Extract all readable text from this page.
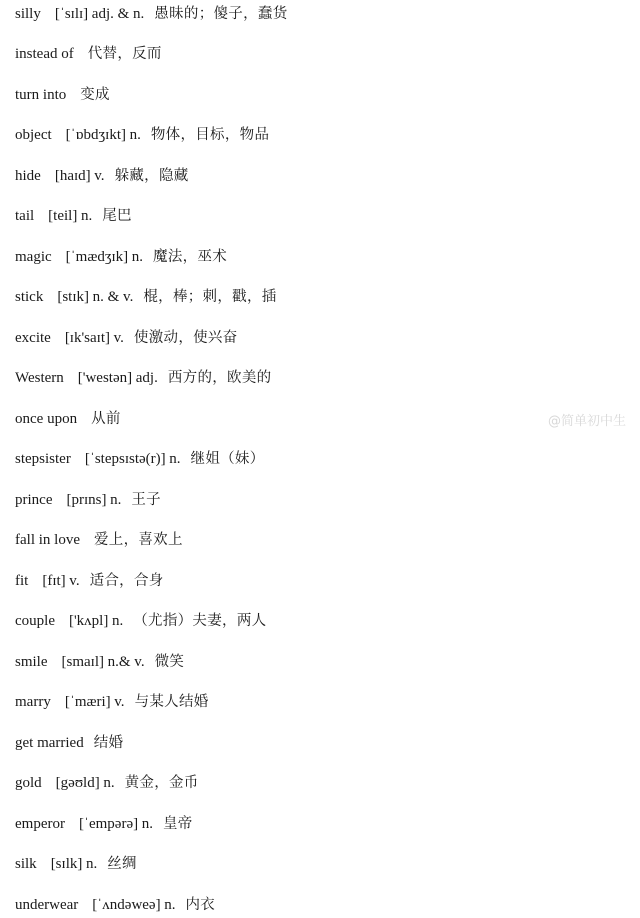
silly [ˈsɪlɪ] adj. & n. 愚昧的；傻子，蠢货
instead of 代替，反而
turn into 变成
object [ˈɒbdʒɪkt] n. 物体，目标，物品
hide [haɪd] v. 躲藏，隐藏
tail [teil] n. 尾巴
magic [ˈmædʒɪk] n. 魔法，巫术
stick [stɪk] n. & v. 棍，棒；刺，戳，插
excite [ɪk'saɪt] v. 使激动，使兴奋
Western ['westən] adj. 西方的，欧美的
once upon 从前
stepsister [ˈstepsɪstə(r)] n. 继姐（妹）
prince [prɪns] n. 王子
fall in love 爱上，喜欢上
fit [fɪt] v. 适合，合身
couple ['kʌpl] n. （尤指）夫妻，两人
smile [smaɪl] n.& v. 微笑
marry [ˈmæri] v. 与某人结婚
get married 结婚
gold [gəʊld] n. 黄金，金币
emperor [ˈempərə] n. 皇帝
silk [sɪlk] n. 丝绸
underwear [ˈʌndəweə] n. 内衣
@简单初中生
